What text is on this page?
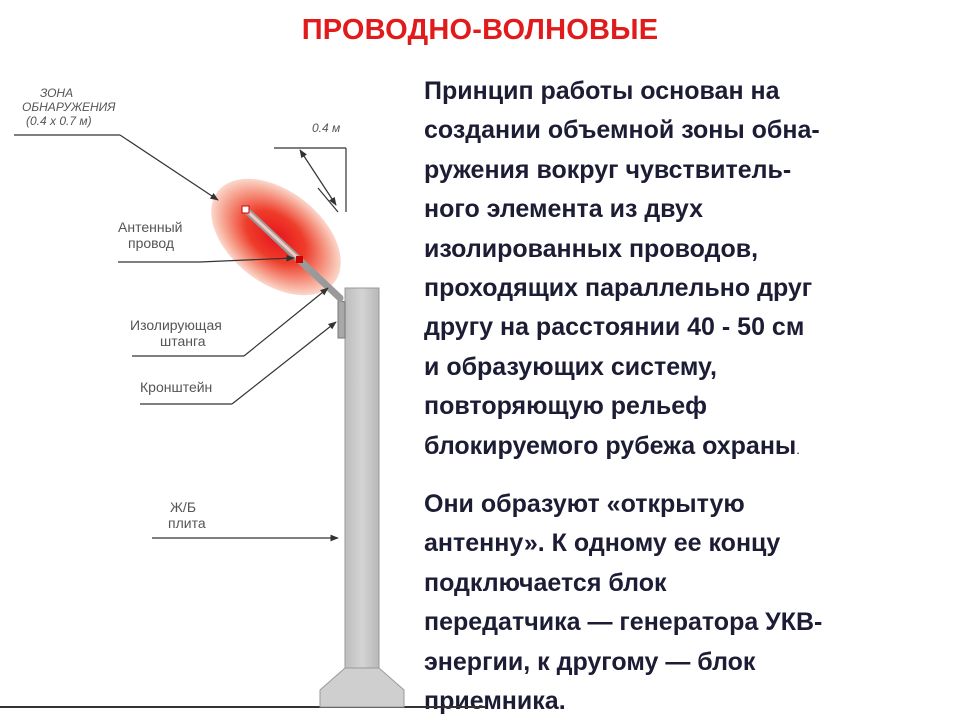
ПРОВОДНО-ВОЛНОВЫЕ

Принцип работы основан на
создании объемной зоны обна-
ружения вокруг чувствитель-
ного элемента из двух
изолированных проводов,
проходящих параллельно друг
другу на расстоянии 40 - 50 см
и образующих систему,
повторяющую рельеф
блокируемого рубежа охраны.

Они образуют «открытую
антенну». К одному ее концу
подключается блок
передатчика — генератора УКВ-
энергии, к другому — блок
приемника.

0.4 м
ЗОНА
ОБНАРУЖЕНИЯ
(0.4 x 0.7 м)
Антенный
провод
Изолирующая
штанга
Кронштейн
Ж/Б
плита
